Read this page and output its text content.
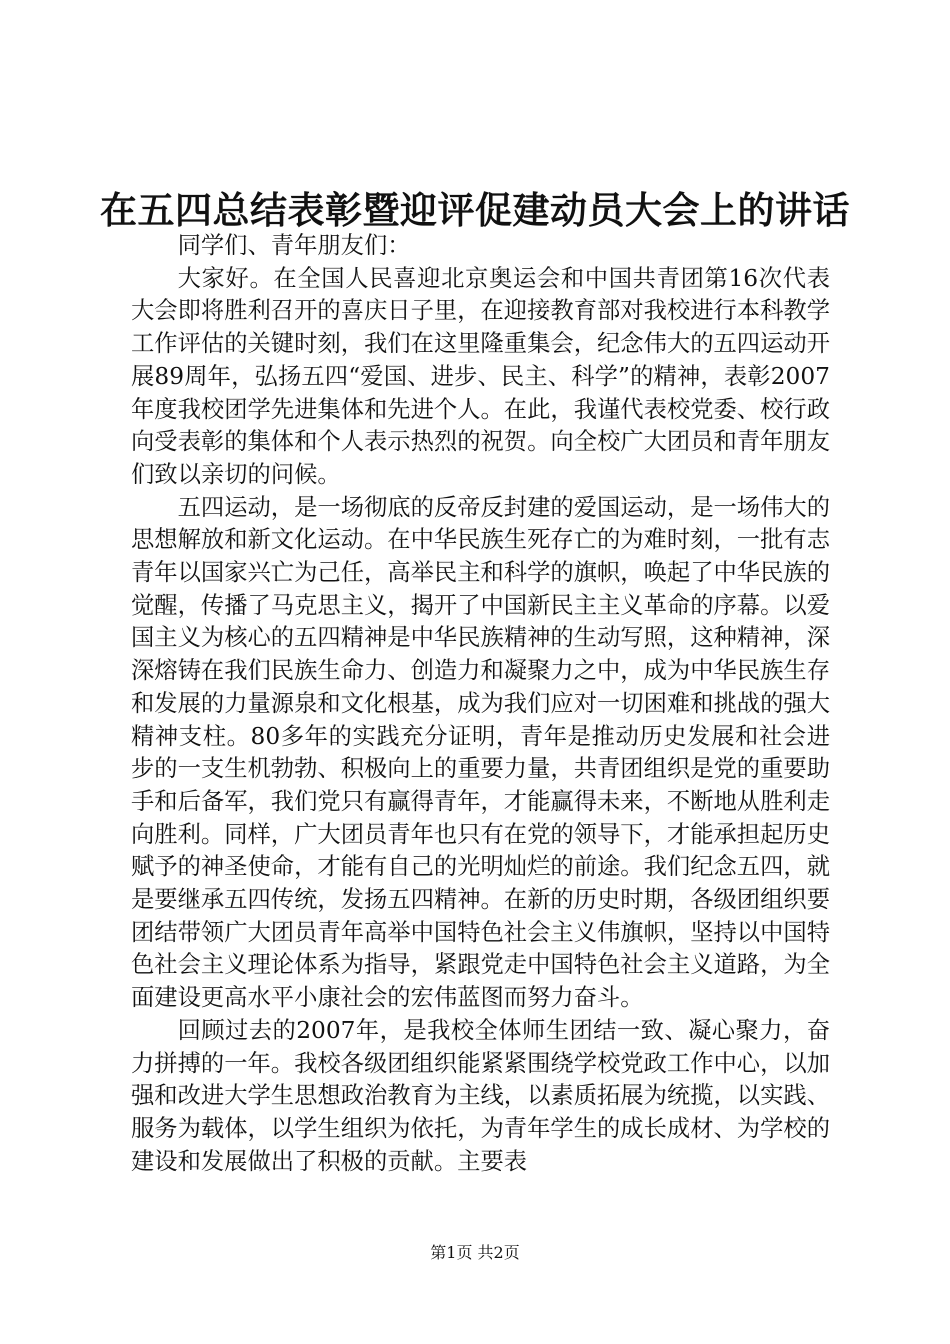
在五四总结表彰暨迎评促建动员大会上的讲话

同学们、青年朋友们：

大家好。在全国人民喜迎北京奥运会和中国共青团第16次代表大会即将胜利召开的喜庆日子里，在迎接教育部对我校进行本科教学工作评估的关键时刻，我们在这里隆重集会，纪念伟大的五四运动开展89周年，弘扬五四“爱国、进步、民主、科学”的精神，表彰2007年度我校团学先进集体和先进个人。在此，我谨代表校党委、校行政向受表彰的集体和个人表示热烈的祝贺。向全校广大团员和青年朋友们致以亲切的问候。

五四运动，是一场彻底的反帝反封建的爱国运动，是一场伟大的思想解放和新文化运动。在中华民族生死存亡的为难时刻，一批有志青年以国家兴亡为己任，高举民主和科学的旗帜，唤起了中华民族的觉醒，传播了马克思主义，揭开了中国新民主主义革命的序幕。以爱国主义为核心的五四精神是中华民族精神的生动写照，这种精神，深深熔铸在我们民族生命力、创造力和凝聚力之中，成为中华民族生存和发展的力量源泉和文化根基，成为我们应对一切困难和挑战的强大精神支柱。80多年的实践充分证明，青年是推动历史发展和社会进步的一支生机勃勃、积极向上的重要力量，共青团组织是党的重要助手和后备军，我们党只有赢得青年，才能赢得未来，不断地从胜利走向胜利。同样，广大团员青年也只有在党的领导下，才能承担起历史赋予的神圣使命，才能有自己的光明灿烂的前途。我们纪念五四，就是要继承五四传统，发扬五四精神。在新的历史时期，各级团组织要团结带领广大团员青年高举中国特色社会主义伟旗帜，坚持以中国特色社会主义理论体系为指导，紧跟党走中国特色社会主义道路，为全面建设更高水平小康社会的宏伟蓝图而努力奋斗。

回顾过去的2007年，是我校全体师生团结一致、凝心聚力，奋力拼搏的一年。我校各级团组织能紧紧围绕学校党政工作中心，以加强和改进大学生思想政治教育为主线，以素质拓展为统揽，以实践、服务为载体，以学生组织为依托，为青年学生的成长成材、为学校的建设和发展做出了积极的贡献。主要表

第1页 共2页
